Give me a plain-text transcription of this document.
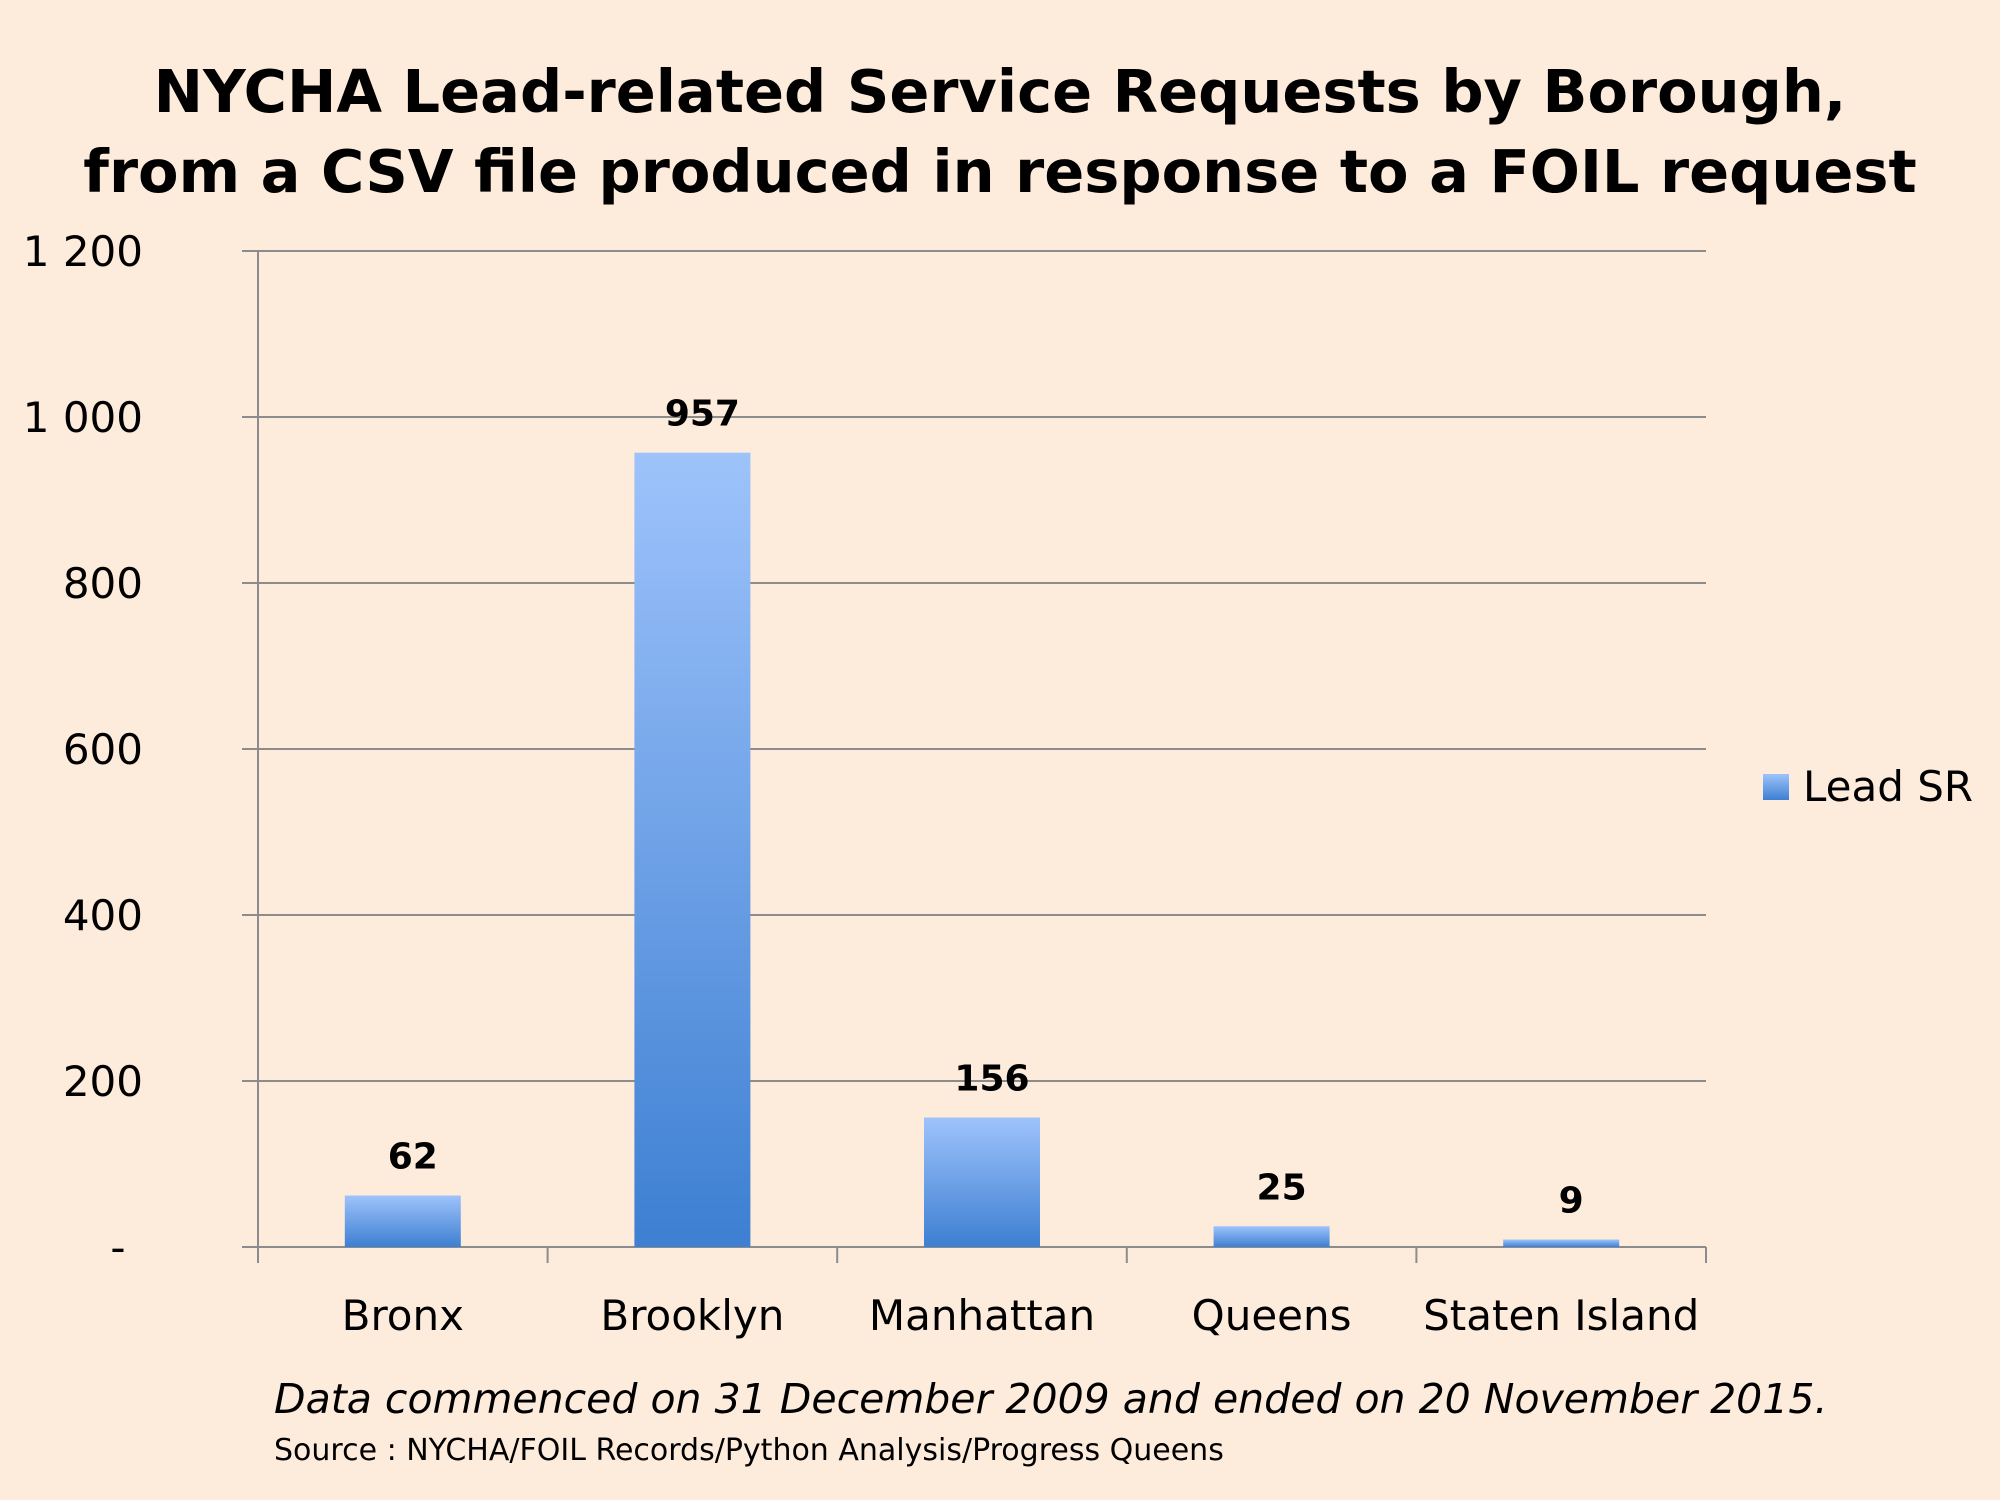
NYCHA Lead-related Service Requests by Borough,
from a CSV file produced in response to a FOIL request
-
200
400
600
800
1 000
1 200
62
Bronx
957
Brooklyn
156
Manhattan
25
Queens
9
Staten Island
Lead SR
Data commenced on 31 December 2009 and ended on 20 November 2015.
Source : NYCHA/FOIL Records/Python Analysis/Progress Queens
